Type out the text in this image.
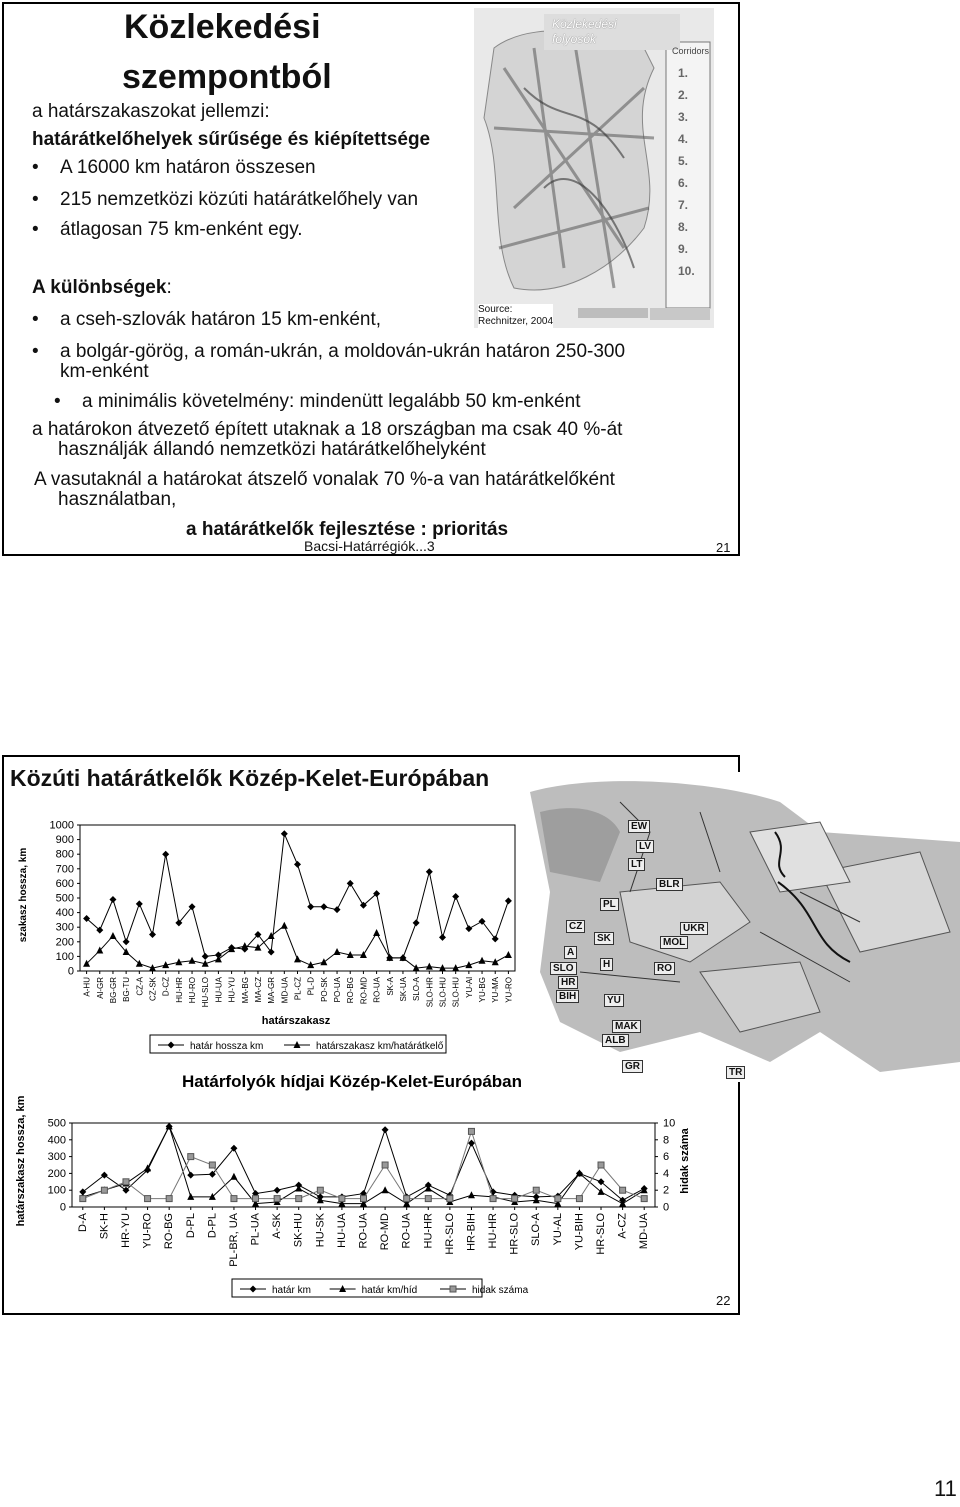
Közlekedési
szempontból
a határszakaszokat jellemzi:
határátkelőhelyek sűrűsége és kiépítettsége
• A 16000 km határon összesen
• 215 nemzetközi közúti határátkelőhely van
• átlagosan 75 km-enként egy.
A különbségek:
• a cseh-szlovák határon 15 km-enként,
• a bolgár-görög, a román-ukrán, a moldován-ukrán határon 250-300
km-enként
• a minimális követelmény: mindenütt legalább 50 km-enként
a határokon átvezető épített utaknak a 18 országban ma csak 40 %-át
használják állandó nemzetközi határátkelőhelyként
A vasutaknál a határokat átszelő vonalak 70 %-a van határátkelőként
használatban,
a határátkelők fejlesztése : prioritás
Bacsi-Határrégiók...3	21
Közlekedési
folyosók
Corridors
1.
2.
3.
4.
5.
6.
7.
8.
9.
10.
Source:
Rechnitzer, 2004
Közúti határátkelők Közép-Kelet-Európában
22
EW
LV
LT
BLR
PL
UKR
MOL
CZ
SK
A
H	RO
SLO
HR
BIH	YU
MAK
ALB
GR
TR
határszakasz
szakasz hossza, km
0
100
200
300
400
500
600
700
800
900
1000
A-HU Al-GR BG-GR BG-TU CZ-A CZ-SK D-CZ HU-HR HU-RO HU-SLO HU-UA HU-YU MA-BG MA-CZ MA-GR MD-UA PL-CZ PL-D PO-SK PO-UA RO-BG RO-MD RO-UA SK-A SK-UA SLO-A SLO-HR SLO-HU SLO-HU YU-Al YU-BG YU-MA YU-RO
határ hossza km	határszakasz km/határátkelő
Határfolyók hídjai Közép-Kelet-Európában
határszakasz hossza, km	hidak száma
0
100
200
300
400
500
0
2
4
6
8
10
D-A SK-H HR-YU YU-RO RO-BG D-PL D-PL PL-BR, UA PL-UA A-SK SK-HU HU-SK HU-UA RO-UA RO-MD RO-UA HU-HR HR-SLO HR-BIH HU-HR HR-SLO SLO-A YU-AL YU-BIH HR-SLO A-CZ MD-UA
határ km	határ km/híd	hidak száma
11
